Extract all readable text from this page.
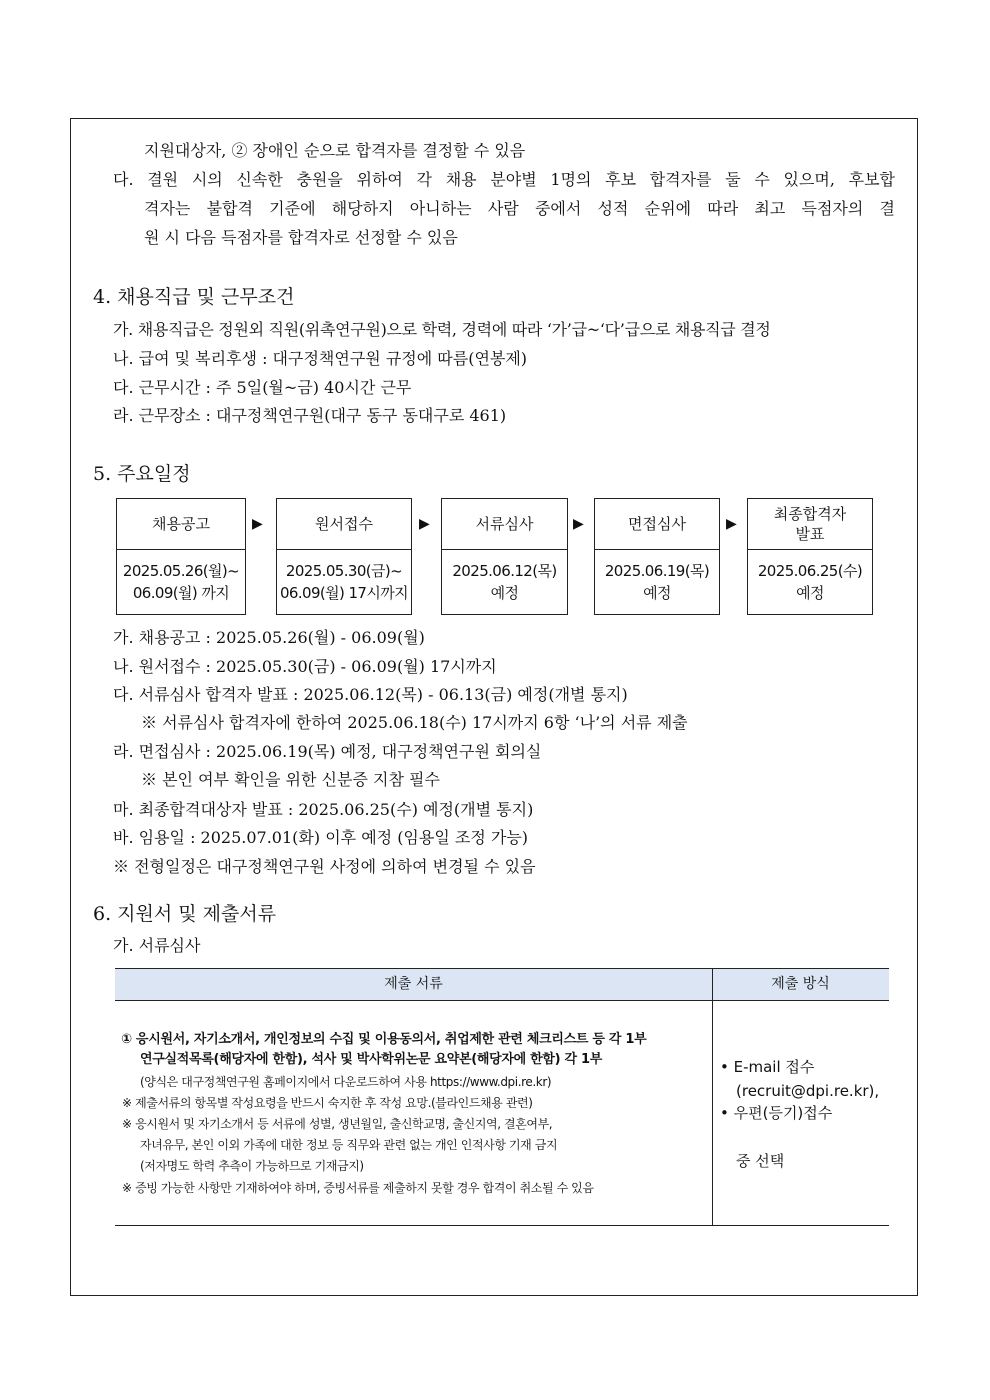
지원대상자, ② 장애인 순으로 합격자를 결정할 수 있음
다. 결원 시의 신속한 충원을 위하여 각 채용 분야별 1명의 후보 합격자를 둘 수 있으며, 후보합
격자는 불합격 기준에 해당하지 아니하는 사람 중에서 성적 순위에 따라 최고 득점자의 결
원 시 다음 득점자를 합격자로 선정할 수 있음
4. 채용직급 및 근무조건
가. 채용직급은 정원외 직원(위촉연구원)으로 학력, 경력에 따라 ‘가’급~‘다’급으로 채용직급 결정
나. 급여 및 복리후생 : 대구정책연구원 규정에 따름(연봉제)
다. 근무시간 : 주 5일(월~금) 40시간 근무
라. 근무장소 : 대구정책연구원(대구 동구 동대구로 461)
5. 주요일정
채용공고
2025.05.26(월)~
06.09(월) 까지
▶	원서접수
2025.05.30(금)~
06.09(월) 17시까지
▶	서류심사
2025.06.12(목)
예정
▶	면접심사
2025.06.19(목)
예정
▶
최종합격자
발표
2025.06.25(수)
예정
가. 채용공고 : 2025.05.26(월) - 06.09(월)
나. 원서접수 : 2025.05.30(금) - 06.09(월) 17시까지
다. 서류심사 합격자 발표 : 2025.06.12(목) - 06.13(금) 예정(개별 통지)
※ 서류심사 합격자에 한하여 2025.06.18(수) 17시까지 6항 ‘나’의 서류 제출
라. 면접심사 : 2025.06.19(목) 예정, 대구정책연구원 회의실
※ 본인 여부 확인을 위한 신분증 지참 필수
마. 최종합격대상자 발표 : 2025.06.25(수) 예정(개별 통지)
바. 임용일 : 2025.07.01(화) 이후 예정 (임용일 조정 가능)
※ 전형일정은 대구정책연구원 사정에 의하여 변경될 수 있음
6. 지원서 및 제출서류
가. 서류심사
제출 서류	제출 방식
① 응시원서, 자기소개서, 개인정보의 수집 및 이용동의서, 취업제한 관련 체크리스트 등 각 1부
연구실적목록(해당자에 한함), 석사 및 박사학위논문 요약본(해당자에 한함) 각 1부
(양식은 대구정책연구원 홈페이지에서 다운로드하여 사용 https://www.dpi.re.kr)
※ 제출서류의 항목별 작성요령을 반드시 숙지한 후 작성 요망.(블라인드채용 관련)
※ 응시원서 및 자기소개서 등 서류에 성별, 생년월일, 출신학교명, 출신지역, 결혼여부,
자녀유무, 본인 이외 가족에 대한 정보 등 직무와 관련 없는 개인 인적사항 기재 금지
(저자명도 학력 추측이 가능하므로 기재금지)
※ 증빙 가능한 사항만 기재하여야 하며, 증빙서류를 제출하지 못할 경우 합격이 취소될 수 있음
• E-mail 접수
(recruit@dpi.re.kr),
• 우편(등기)접수
중 선택
